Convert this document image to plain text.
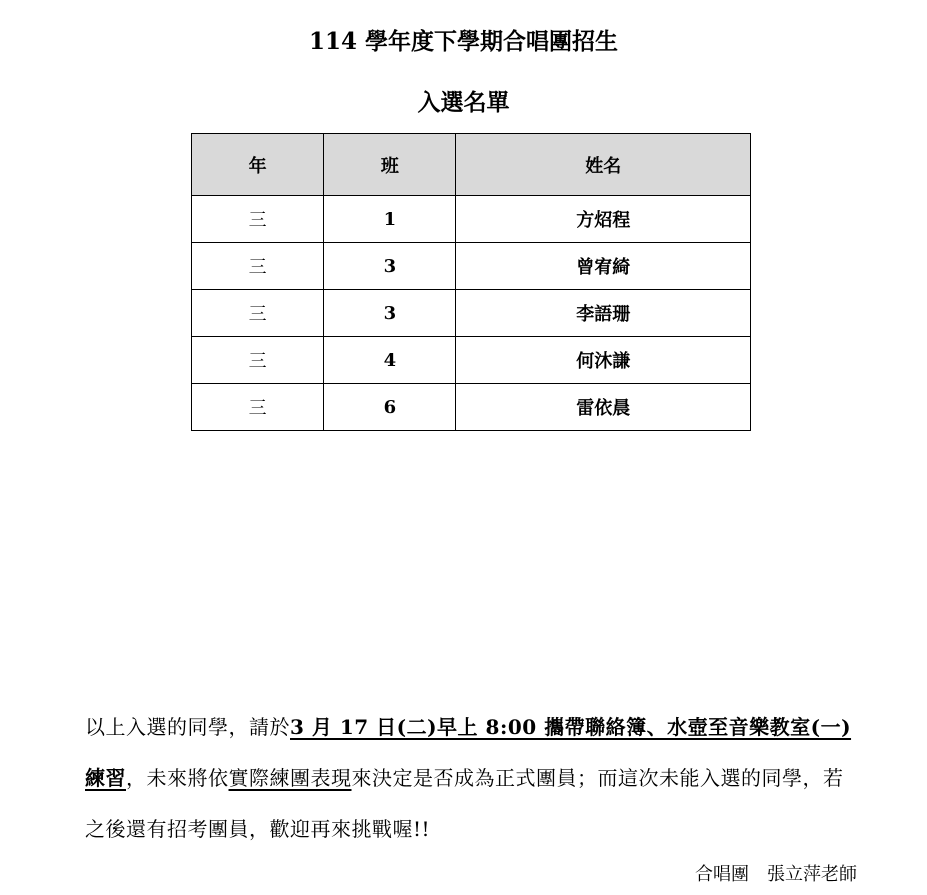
114 學年度下學期合唱團招生
入選名單
年	班	姓名
三	1	方炤程
三	3	曾宥綺
三	3	李語珊
三	4	何沐謙
三	6	雷依晨
以上入選的同學，請於3 月 17 日(二)早上 8:00 攜帶聯絡簿、水壺至音樂教室(一)練習，未來將依實際練團表現來決定是否成為正式團員；而這次未能入選的同學，若之後還有招考團員，歡迎再來挑戰喔!!
合唱團　張立萍老師
